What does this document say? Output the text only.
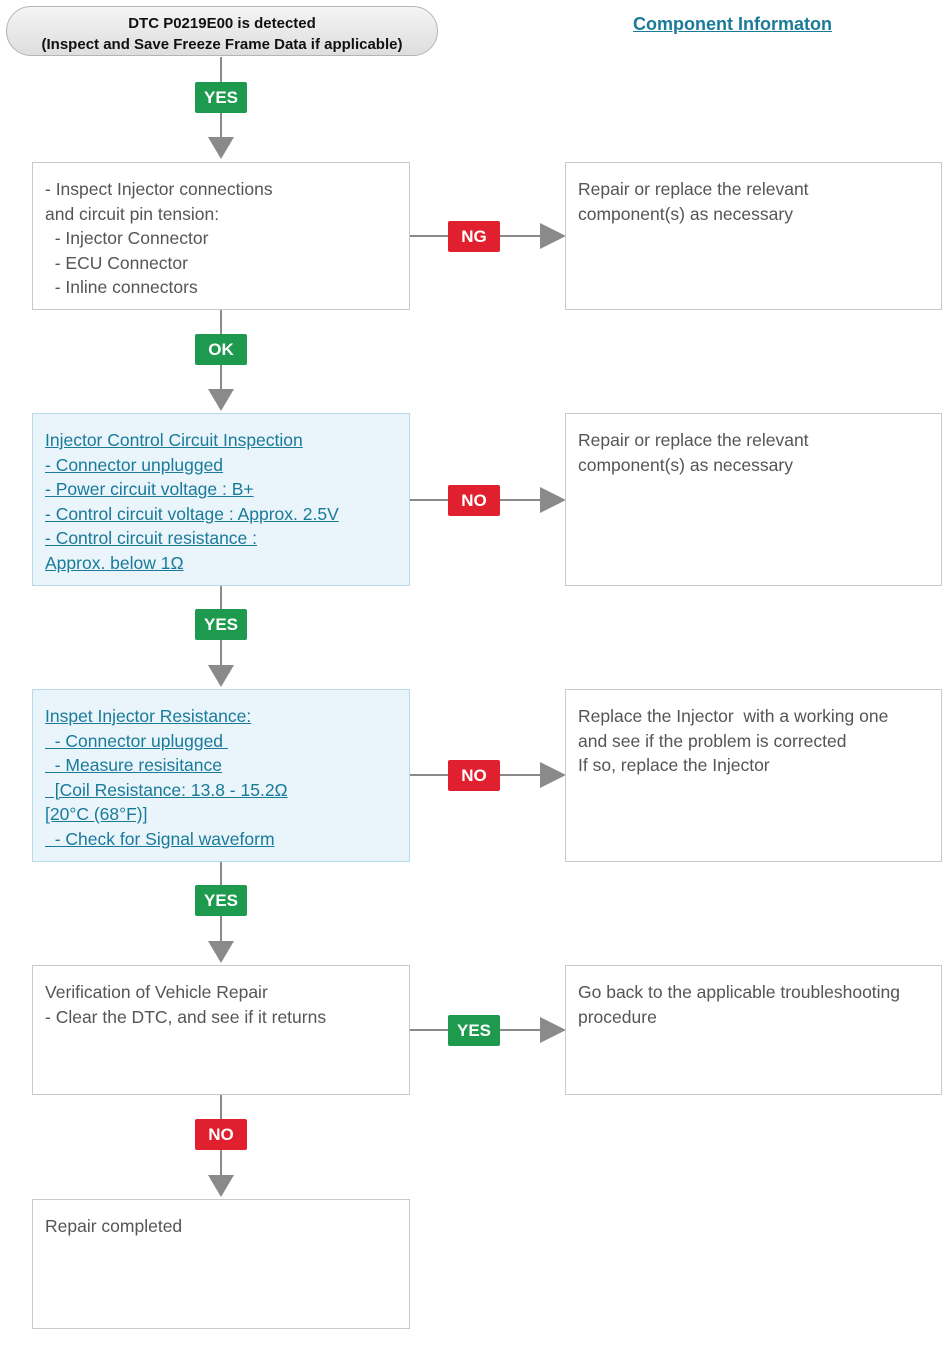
DTC P0219E00 is detected
(Inspect and Save Freeze Frame Data if applicable)
Component Informaton
YES
- Inspect Injector connections
and circuit pin tension:
- Injector Connector
- ECU Connector
- Inline connectors
NG
Repair or replace the relevant
component(s) as necessary
OK
Injector Control Circuit Inspection
- Connector unplugged
- Power circuit voltage : B+
- Control circuit voltage : Approx. 2.5V
- Control circuit resistance :
Approx. below 1Ω
NO
Repair or replace the relevant
component(s) as necessary
YES
Inspet Injector Resistance:
- Connector uplugged
- Measure resisitance
[Coil Resistance: 13.8 - 15.2Ω
[20°C (68°F)]
- Check for Signal waveform
NO
Replace the Injector  with a working one
and see if the problem is corrected
If so, replace the Injector
YES
Verification of Vehicle Repair
- Clear the DTC, and see if it returns
YES
Go back to the applicable troubleshooting
procedure
NO
Repair completed
